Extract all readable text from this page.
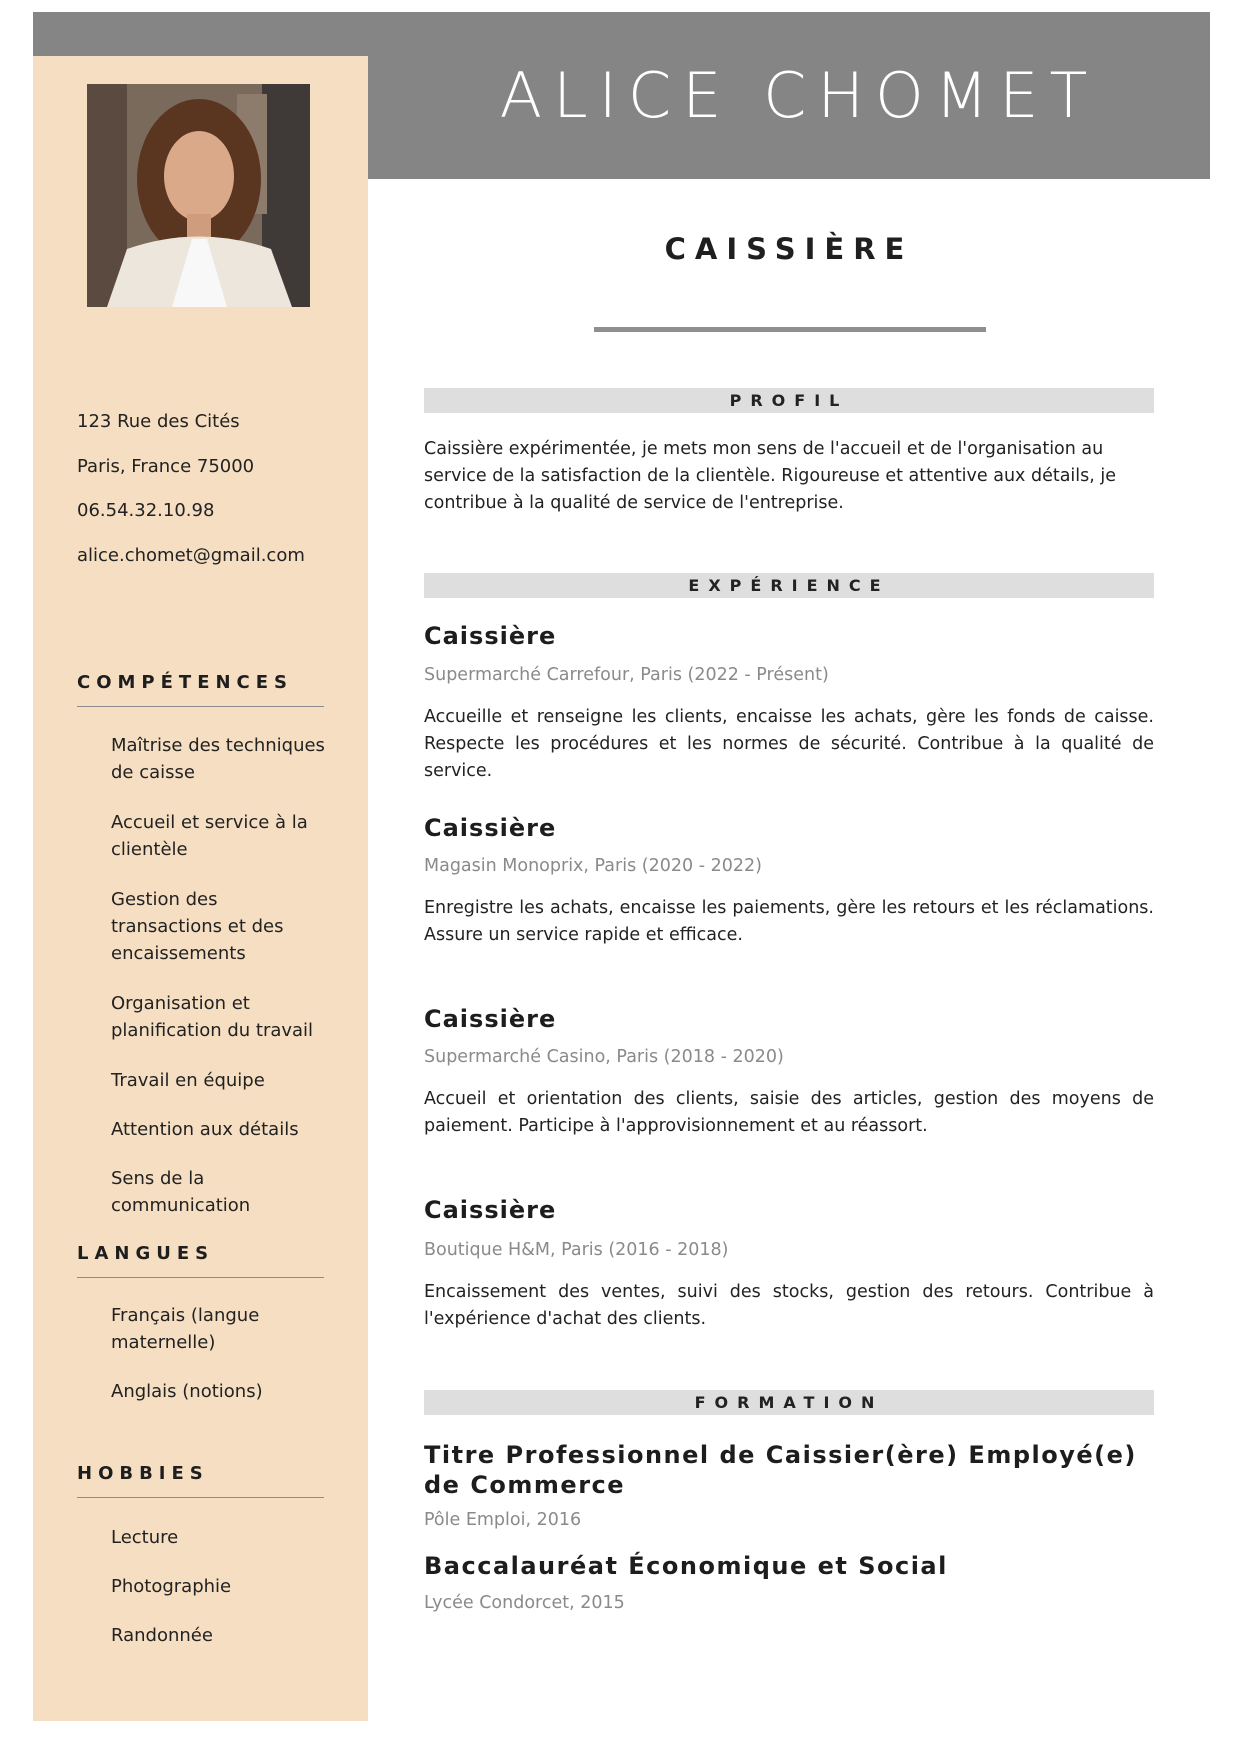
ALICE CHOMET
CAISSIÈRE
123 Rue des Cités
Paris, France 75000
06.54.32.10.98
alice.chomet@gmail.com
COMPÉTENCES
Maîtrise des techniques de caisse
Accueil et service à la clientèle
Gestion des transactions et des encaissements
Organisation et planification du travail
Travail en équipe
Attention aux détails
Sens de la communication
LANGUES
Français (langue maternelle)
Anglais (notions)
HOBBIES
Lecture
Photographie
Randonnée
PROFIL
Caissière expérimentée, je mets mon sens de l'accueil et de l'organisation au service de la satisfaction de la clientèle. Rigoureuse et attentive aux détails, je contribue à la qualité de service de l'entreprise.
EXPÉRIENCE
Caissière
Supermarché Carrefour, Paris (2022 - Présent)
Accueille et renseigne les clients, encaisse les achats, gère les fonds de caisse. Respecte les procédures et les normes de sécurité. Contribue à la qualité de service.
Caissière
Magasin Monoprix, Paris (2020 - 2022)
Enregistre les achats, encaisse les paiements, gère les retours et les réclamations. Assure un service rapide et efficace.
Caissière
Supermarché Casino, Paris (2018 - 2020)
Accueil et orientation des clients, saisie des articles, gestion des moyens de paiement. Participe à l'approvisionnement et au réassort.
Caissière
Boutique H&M, Paris (2016 - 2018)
Encaissement des ventes, suivi des stocks, gestion des retours. Contribue à l'expérience d'achat des clients.
FORMATION
Titre Professionnel de Caissier(ère) Employé(e) de Commerce
Pôle Emploi, 2016
Baccalauréat Économique et Social
Lycée Condorcet, 2015
